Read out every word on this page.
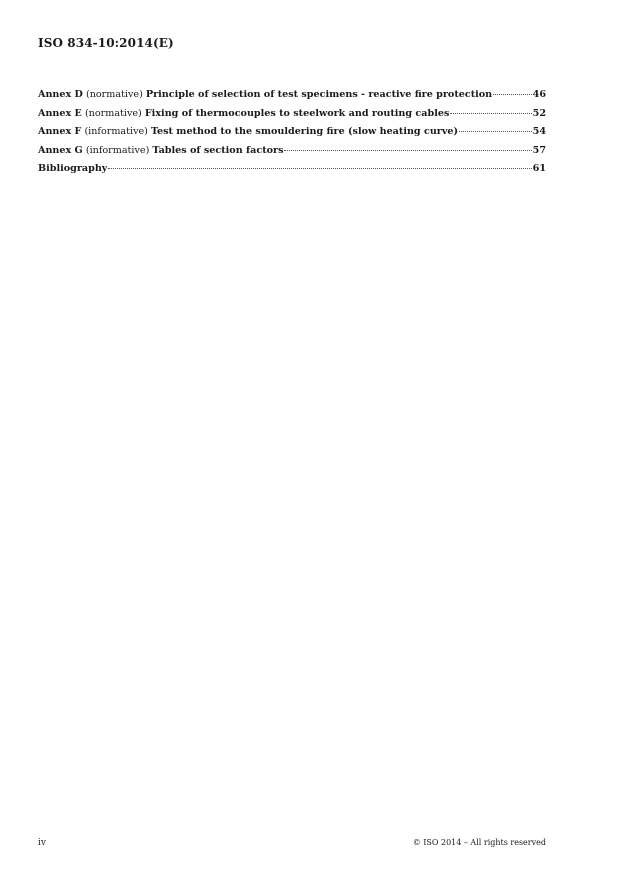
ISO 834-10:2014(E)
Annex D (normative) Principle of selection of test specimens - reactive fire protection	46
Annex E (normative) Fixing of thermocouples to steelwork and routing cables	52
Annex F (informative) Test method to the smouldering fire (slow heating curve)	54
Annex G (informative) Tables of section factors	57
Bibliography	61
iv	© ISO 2014 – All rights reserved
